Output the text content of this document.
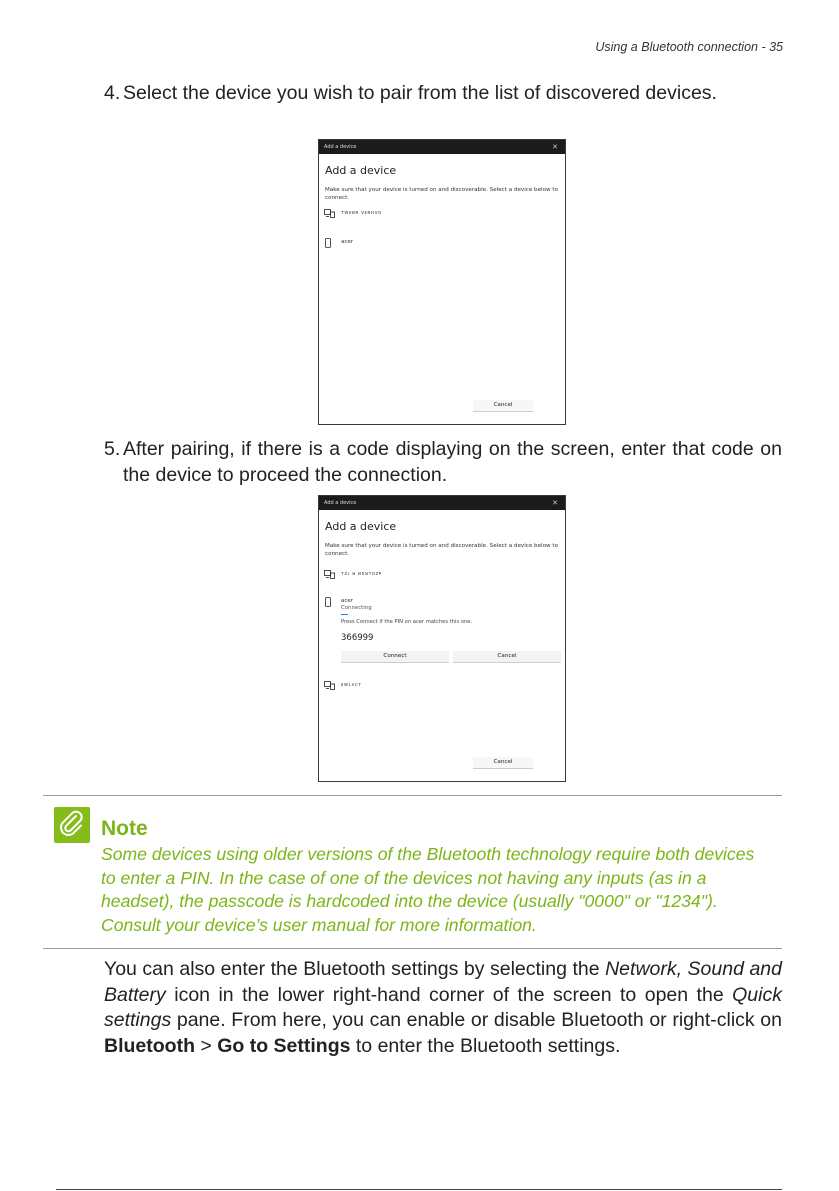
Using a Bluetooth connection - 35
4. Select the device you wish to pair from the list of discovered devices.
Add a device	✕
Add a device
Make sure that your device is turned on and discoverable. Select a device below to connect.
ᴛᴡᴇʙʀ ᴠᴇʀʜᴠᴅ
acer
Cancel
5. After pairing, if there is a code displaying on the screen, enter that code on the device to proceed the connection.
Add a device	✕
Add a device
Make sure that your device is turned on and discoverable. Select a device below to connect.
ᴛᴢᴊ ᴚ ᴎᴅᴚᴛᴏᴢᴘ
acer
Connecting
Press Connect if the PIN on acer matches this one.
366999
Connect	Cancel
ᴇᴡʟᴠᴄᴛ
Cancel
Note
Some devices using older versions of the Bluetooth technology require both devices to enter a PIN. In the case of one of the devices not having any inputs (as in a headset), the passcode is hardcoded into the device (usually "0000" or "1234"). Consult your device’s user manual for more information.
You can also enter the Bluetooth settings by selecting the Network, Sound and Battery icon in the lower right-hand corner of the screen to open the Quick settings pane. From here, you can enable or disable Bluetooth or right-click on Bluetooth > Go to Settings to enter the Bluetooth settings.
